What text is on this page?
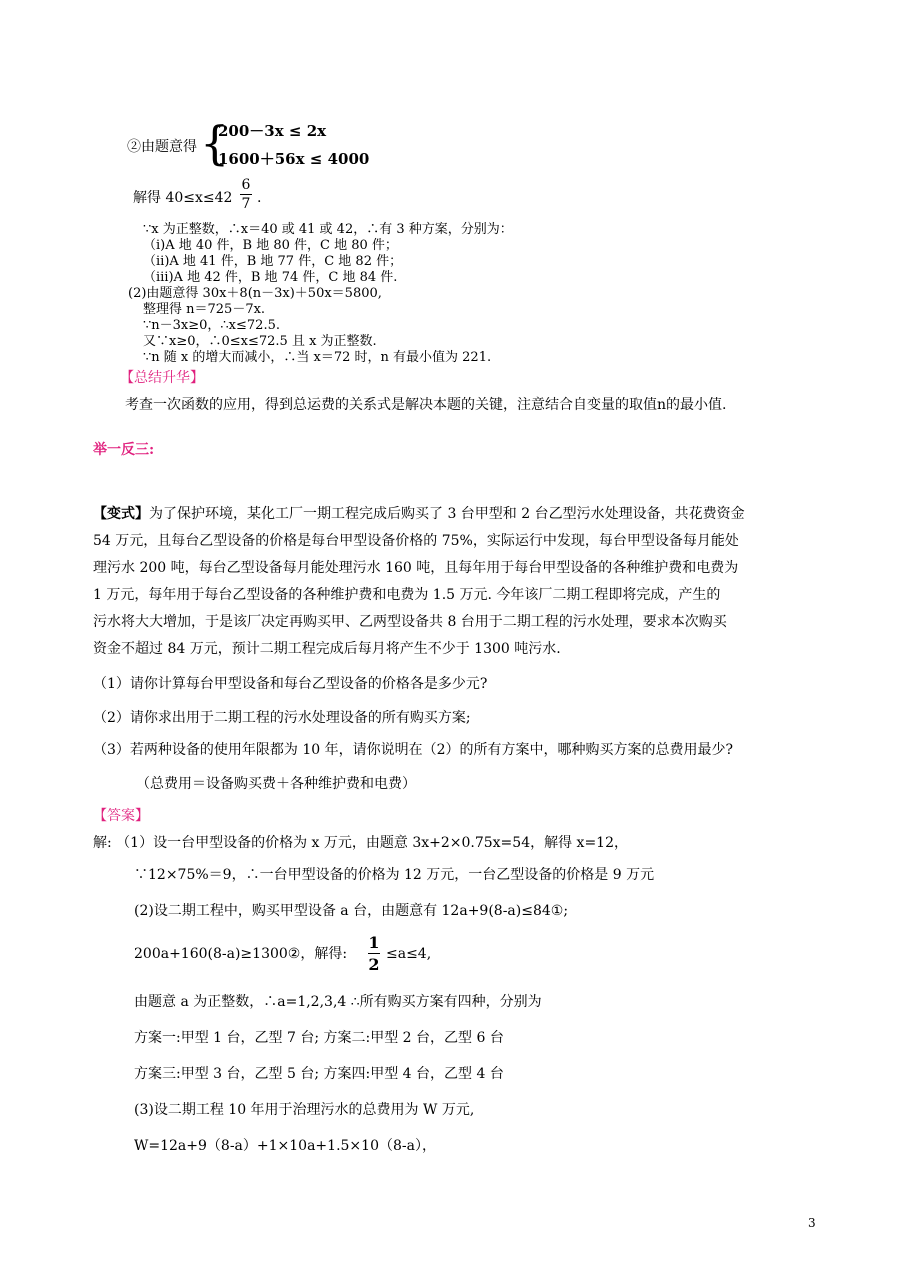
②由题意得 {
200－3x ≤ 2x
1600＋56x ≤ 4000
解得 40≤x≤42
6
7 .
∵x 为正整数，∴x＝40 或 41 或 42，∴有 3 种方案，分别为：
（ⅰ)A 地 40 件，B 地 80 件，C 地 80 件；
（ⅱ)A 地 41 件，B 地 77 件，C 地 82 件；
（ⅲ)A 地 42 件，B 地 74 件，C 地 84 件.
(2)由题意得 30x＋8(n－3x)＋50x＝5800,
整理得 n＝725－7x.
∵n－3x≥0，∴x≤72.5.
又∵x≥0，∴0≤x≤72.5 且 x 为正整数.
∵n 随 x 的增大而减小，∴当 x＝72 时，n 有最小值为 221.
【总结升华】
考查一次函数的应用，得到总运费的关系式是解决本题的关键，注意结合自变量的取值n的最小值.
举一反三:
【变式】为了保护环境，某化工厂一期工程完成后购买了 3 台甲型和 2 台乙型污水处理设备，共花费资金
54 万元，且每台乙型设备的价格是每台甲型设备价格的 75%，实际运行中发现，每台甲型设备每月能处
理污水 200 吨，每台乙型设备每月能处理污水 160 吨，且每年用于每台甲型设备的各种维护费和电费为
1 万元，每年用于每台乙型设备的各种维护费和电费为 1.5 万元. 今年该厂二期工程即将完成，产生的
污水将大大增加，于是该厂决定再购买甲、乙两型设备共 8 台用于二期工程的污水处理，要求本次购买
资金不超过 84 万元，预计二期工程完成后每月将产生不少于 1300 吨污水.
（1）请你计算每台甲型设备和每台乙型设备的价格各是多少元?
（2）请你求出用于二期工程的污水处理设备的所有购买方案;
（3）若两种设备的使用年限都为 10 年，请你说明在（2）的所有方案中，哪种购买方案的总费用最少?
（总费用＝设备购买费＋各种维护费和电费）
【答案】
解: （1）设一台甲型设备的价格为 x 万元，由题意 3x+2×0.75x=54，解得 x=12，
∵12×75%＝9，∴一台甲型设备的价格为 12 万元，一台乙型设备的价格是 9 万元
(2)设二期工程中，购买甲型设备 a 台，由题意有 12a+9(8-a)≤84①;
200a+160(8-a)≥1300②，解得:
1
2
≤a≤4,
由题意 a 为正整数，∴a=1,2,3,4 ∴所有购买方案有四种，分别为
方案一:甲型 1 台，乙型 7 台; 方案二:甲型 2 台，乙型 6 台
方案三:甲型 3 台，乙型 5 台; 方案四:甲型 4 台，乙型 4 台
(3)设二期工程 10 年用于治理污水的总费用为 W 万元,
W=12a+9（8-a）+1×10a+1.5×10（8-a），
3
